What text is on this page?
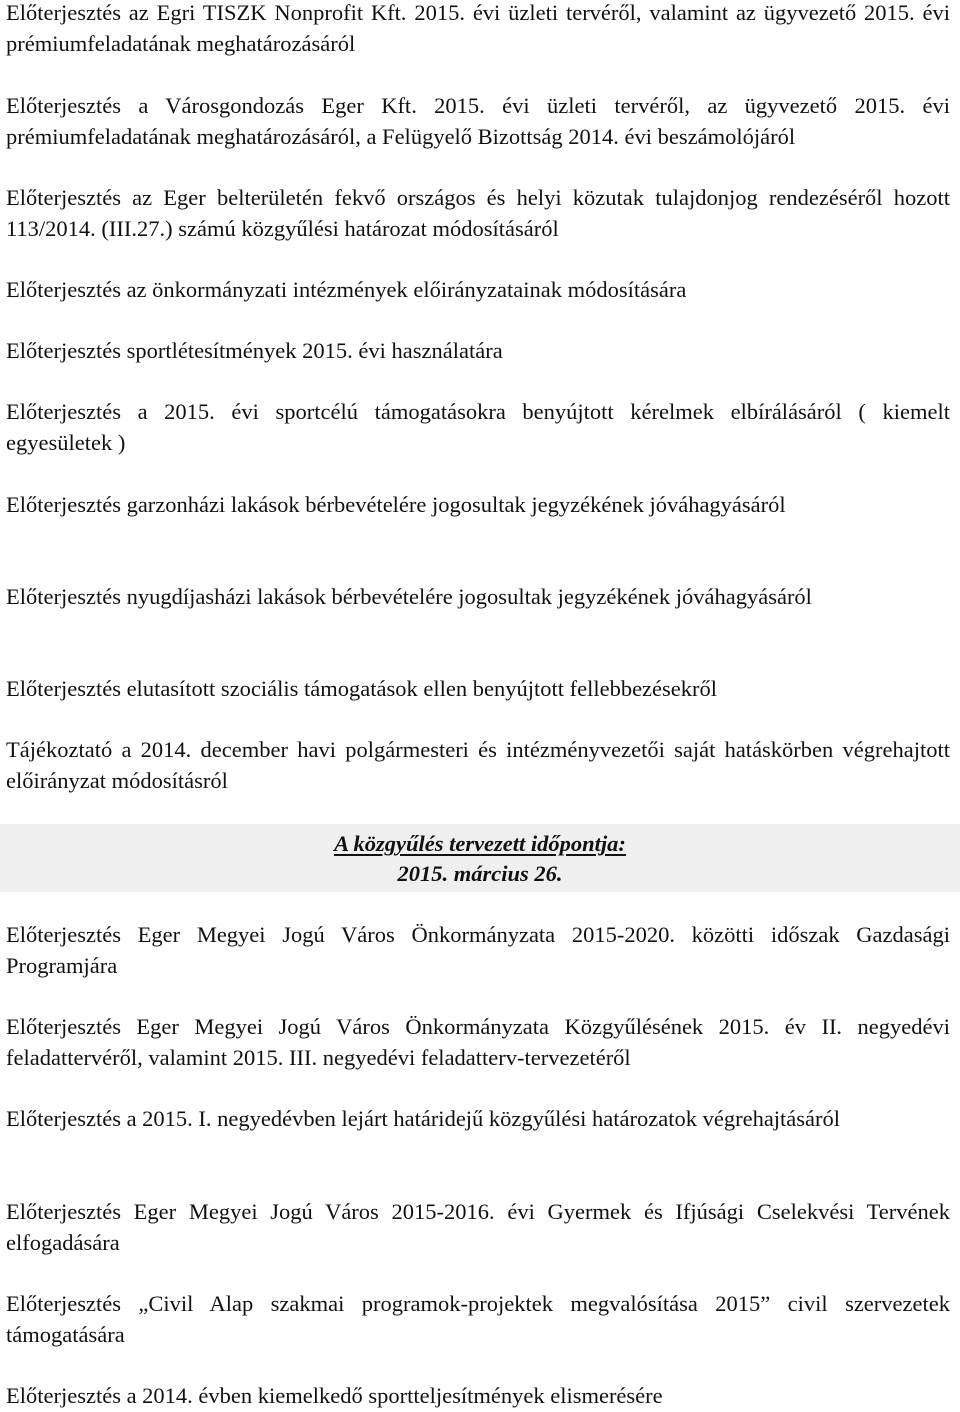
Előterjesztés az Egri TISZK Nonprofit Kft. 2015. évi üzleti tervéről, valamint az ügyvezető 2015. évi prémiumfeladatának meghatározásáról

Előterjesztés a Városgondozás Eger Kft. 2015. évi üzleti tervéről, az ügyvezető 2015. évi prémiumfeladatának meghatározásáról, a Felügyelő Bizottság 2014. évi beszámolójáról

Előterjesztés az Eger belterületén fekvő országos és helyi közutak tulajdonjog rendezéséről hozott 113/2014. (III.27.) számú közgyűlési határozat módosításáról

Előterjesztés az önkormányzati intézmények előirányzatainak módosítására

Előterjesztés sportlétesítmények 2015. évi használatára

Előterjesztés a 2015. évi sportcélú támogatásokra benyújtott kérelmek elbírálásáról ( kiemelt egyesületek )

Előterjesztés garzonházi lakások bérbevételére jogosultak jegyzékének jóváhagyásáról

Előterjesztés nyugdíjasházi lakások bérbevételére jogosultak jegyzékének jóváhagyásáról

Előterjesztés elutasított szociális támogatások ellen benyújtott fellebbezésekről

Tájékoztató a 2014. december havi polgármesteri és intézményvezetői saját hatáskörben végrehajtott előirányzat módosításról

A közgyűlés tervezett időpontja:
2015. március 26.

Előterjesztés Eger Megyei Jogú Város Önkormányzata 2015-2020. közötti időszak Gazdasági Programjára

Előterjesztés Eger Megyei Jogú Város Önkormányzata Közgyűlésének 2015. év II. negyedévi feladattervéről, valamint 2015. III. negyedévi feladatterv-tervezetéről

Előterjesztés a 2015. I. negyedévben lejárt határidejű közgyűlési határozatok végrehajtásáról

Előterjesztés Eger Megyei Jogú Város 2015-2016. évi Gyermek és Ifjúsági Cselekvési Tervének elfogadására

Előterjesztés „Civil Alap szakmai programok-projektek megvalósítása 2015” civil szervezetek támogatására

Előterjesztés a 2014. évben kiemelkedő sportteljesítmények elismerésére
